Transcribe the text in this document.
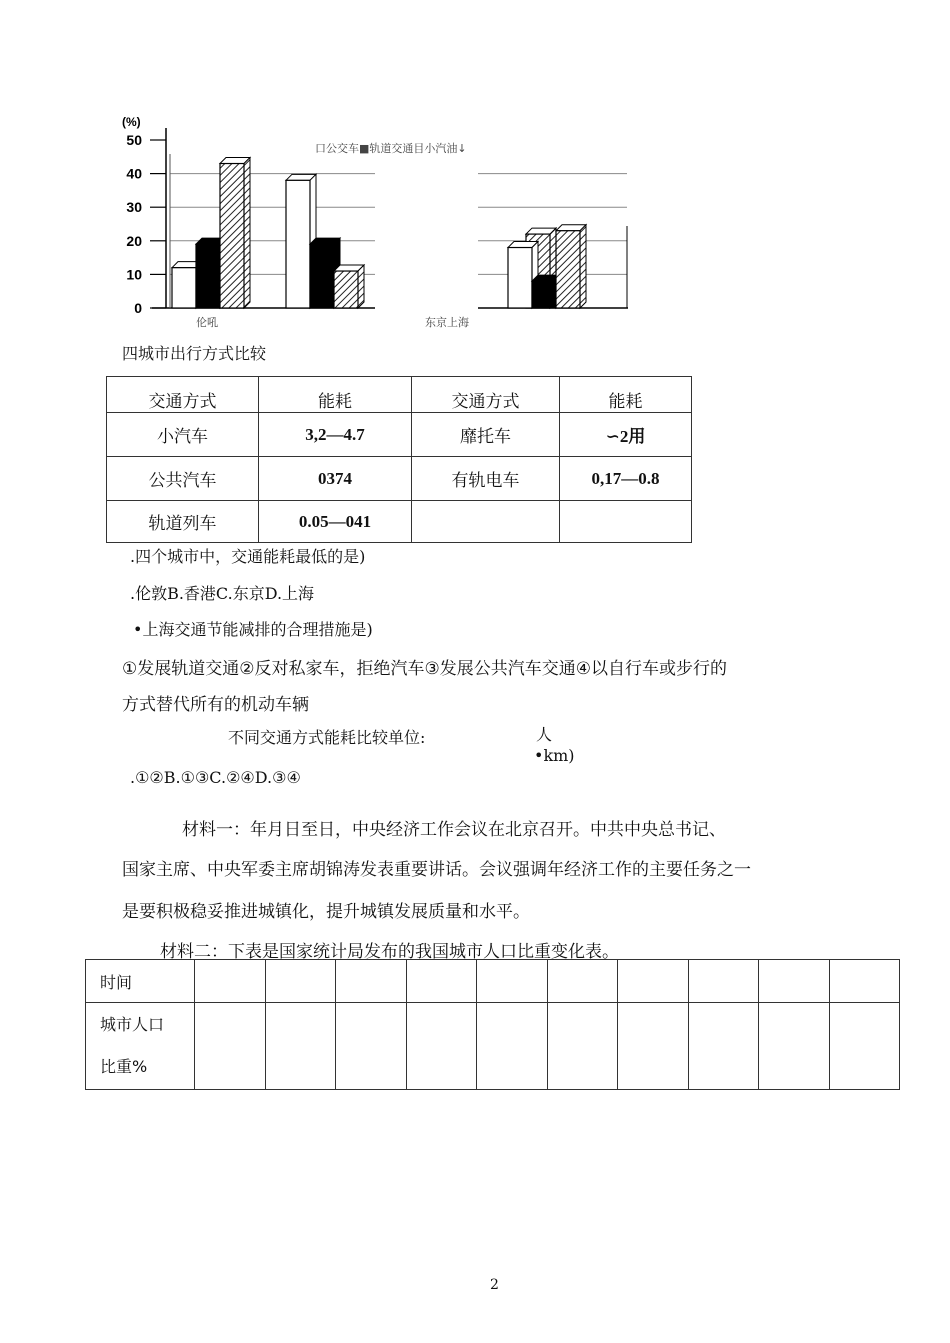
(%)
50
40
30
20
10
0
口公交车■轨道交通目小汽油↓
伦吼	东京上海
四城市出行方式比较
交通方式	能耗	交通方式	能耗
小汽车	3,2—4.7	靡托车	∽2用
公共汽车	0374	有轨电车	0,17—0.8
轨道列车	0.05—041		
.四个城市中，交通能耗最低的是)
.伦敦B.香港C.东京D.上海
•上海交通节能减排的合理措施是)
①发展轨道交通②反对私家车，拒绝汽车③发展公共汽车交通④以自行车或步行的
方式替代所有的机动车辆
不同交通方式能耗比较单位:	人
•km)
.①②B.①③C.②④D.③④
材料一：年月日至日，中央经济工作会议在北京召开。中共中央总书记、
国家主席、中央军委主席胡锦涛发表重要讲话。会议强调年经济工作的主要任务之一
是要积极稳妥推进城镇化，提升城镇发展质量和水平。
材料二：下表是国家统计局发布的我国城市人口比重变化表。
时间										
城市人口
比重%										
2
